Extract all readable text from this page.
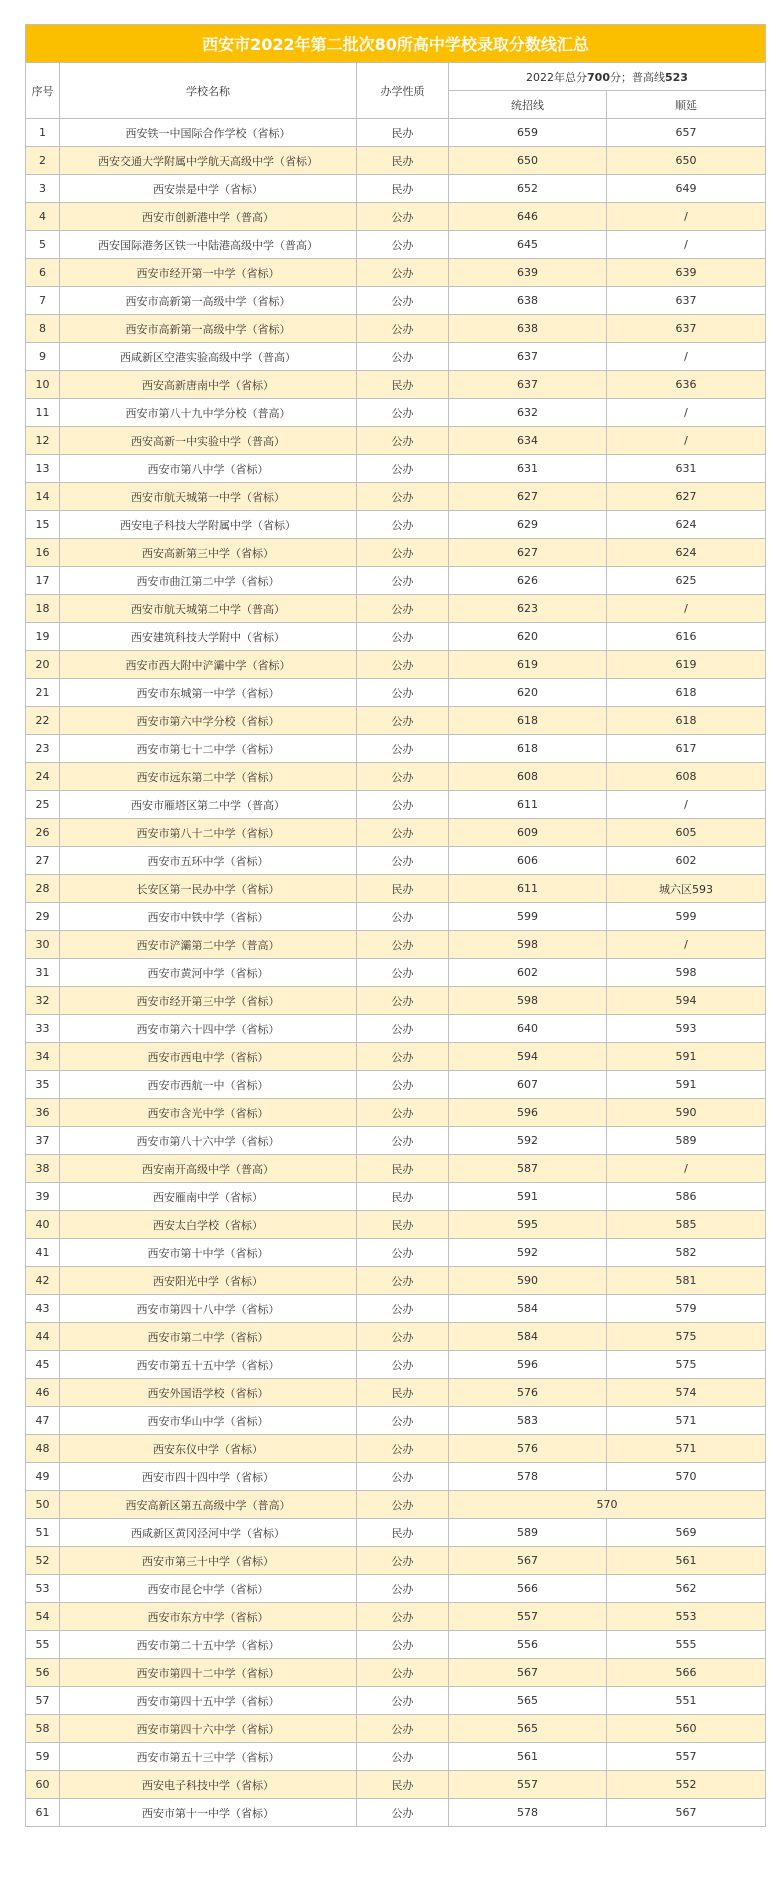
西安市2022年第二批次80所高中学校录取分数线汇总				
序号	学校名称	办学性质	2022年总分700分；普高线523	
			统招线	顺延
1	西安铁一中国际合作学校（省标）	民办	659	657
2	西安交通大学附属中学航天高级中学（省标）	民办	650	650
3	西安崇是中学（省标）	民办	652	649
4	西安市创新港中学（普高）	公办	646	/
5	西安国际港务区铁一中陆港高级中学（普高）	公办	645	/
6	西安市经开第一中学（省标）	公办	639	639
7	西安市高新第一高级中学（省标）	公办	638	637
8	西安市高新第一高级中学（省标）	公办	638	637
9	西咸新区空港实验高级中学（普高）	公办	637	/
10	西安高新唐南中学（省标）	民办	637	636
11	西安市第八十九中学分校（普高）	公办	632	/
12	西安高新一中实验中学（普高）	公办	634	/
13	西安市第八中学（省标）	公办	631	631
14	西安市航天城第一中学（省标）	公办	627	627
15	西安电子科技大学附属中学（省标）	公办	629	624
16	西安高新第三中学（省标）	公办	627	624
17	西安市曲江第二中学（省标）	公办	626	625
18	西安市航天城第二中学（普高）	公办	623	/
19	西安建筑科技大学附中（省标）	公办	620	616
20	西安市西大附中浐灞中学（省标）	公办	619	619
21	西安市东城第一中学（省标）	公办	620	618
22	西安市第六中学分校（省标）	公办	618	618
23	西安市第七十二中学（省标）	公办	618	617
24	西安市远东第二中学（省标）	公办	608	608
25	西安市雁塔区第二中学（普高）	公办	611	/
26	西安市第八十二中学（省标）	公办	609	605
27	西安市五环中学（省标）	公办	606	602
28	长安区第一民办中学（省标）	民办	611	城六区593
29	西安市中铁中学（省标）	公办	599	599
30	西安市浐灞第二中学（普高）	公办	598	/
31	西安市黄河中学（省标）	公办	602	598
32	西安市经开第三中学（省标）	公办	598	594
33	西安市第六十四中学（省标）	公办	640	593
34	西安市西电中学（省标）	公办	594	591
35	西安市西航一中（省标）	公办	607	591
36	西安市含光中学（省标）	公办	596	590
37	西安市第八十六中学（省标）	公办	592	589
38	西安南开高级中学（普高）	民办	587	/
39	西安雁南中学（省标）	民办	591	586
40	西安太白学校（省标）	民办	595	585
41	西安市第十中学（省标）	公办	592	582
42	西安阳光中学（省标）	公办	590	581
43	西安市第四十八中学（省标）	公办	584	579
44	西安市第二中学（省标）	公办	584	575
45	西安市第五十五中学（省标）	公办	596	575
46	西安外国语学校（省标）	民办	576	574
47	西安市华山中学（省标）	公办	583	571
48	西安东仪中学（省标）	公办	576	571
49	西安市四十四中学（省标）	公办	578	570
50	西安高新区第五高级中学（普高）	公办	570	
51	西咸新区黄冈泾河中学（省标）	民办	589	569
52	西安市第三十中学（省标）	公办	567	561
53	西安市昆仑中学（省标）	公办	566	562
54	西安市东方中学（省标）	公办	557	553
55	西安市第二十五中学（省标）	公办	556	555
56	西安市第四十二中学（省标）	公办	567	566
57	西安市第四十五中学（省标）	公办	565	551
58	西安市第四十六中学（省标）	公办	565	560
59	西安市第五十三中学（省标）	公办	561	557
60	西安电子科技中学（省标）	民办	557	552
61	西安市第十一中学（省标）	公办	578	567
